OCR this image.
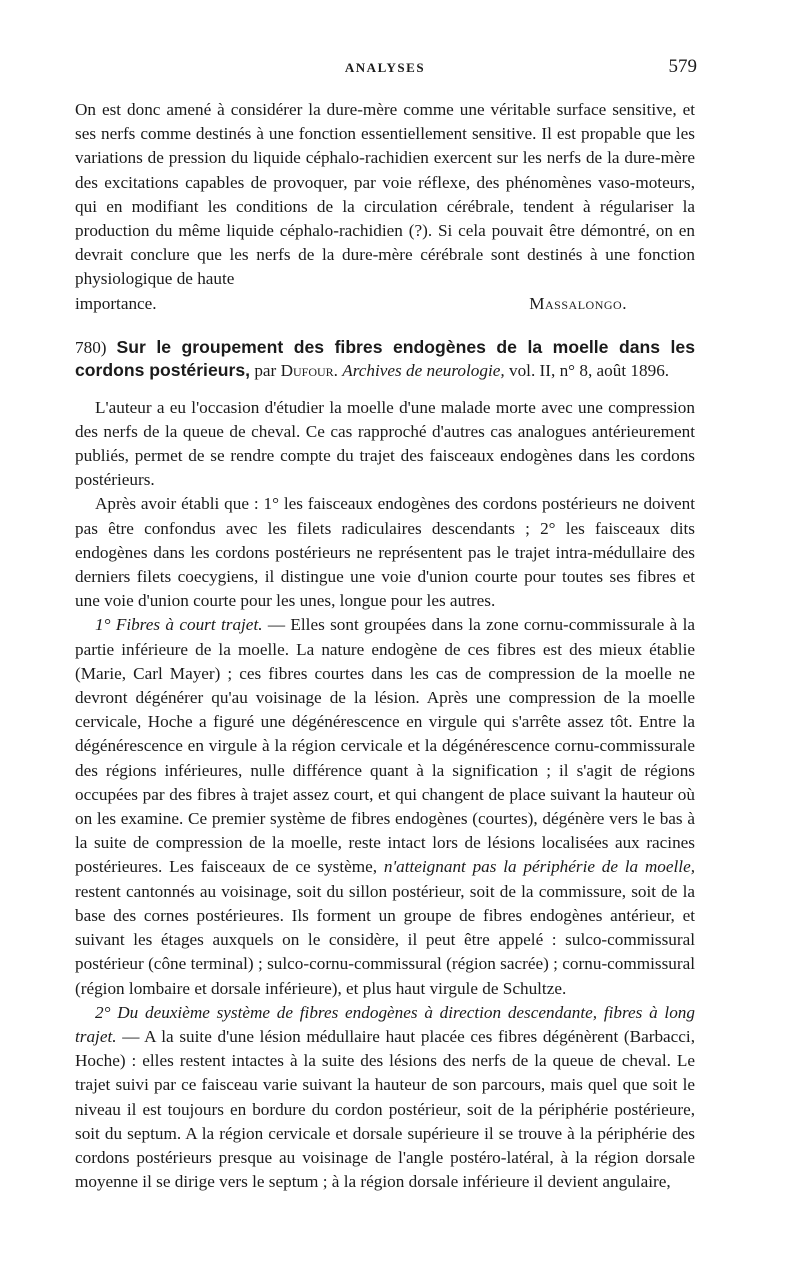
ANALYSES	579

On est donc amené à considérer la dure-mère comme une véritable surface sensitive, et ses nerfs comme destinés à une fonction essentiellement sensitive. Il est propable que les variations de pression du liquide céphalo-rachidien exercent sur les nerfs de la dure-mère des excitations capables de provoquer, par voie réflexe, des phénomènes vaso-moteurs, qui en modifiant les conditions de la circulation cérébrale, tendent à régulariser la production du même liquide céphalo-rachidien (?). Si cela pouvait être démontré, on en devrait conclure que les nerfs de la dure-mère cérébrale sont destinés à une fonction physiologique de haute

importance.	Massalongo.
780) Sur le groupement des fibres endogènes de la moelle dans les cordons postérieurs, par Dufour. Archives de neurologie, vol. II, n° 8, août 1896.

L'auteur a eu l'occasion d'étudier la moelle d'une malade morte avec une compression des nerfs de la queue de cheval. Ce cas rapproché d'autres cas analogues antérieurement publiés, permet de se rendre compte du trajet des faisceaux endogènes dans les cordons postérieurs.

Après avoir établi que : 1° les faisceaux endogènes des cordons postérieurs ne doivent pas être confondus avec les filets radiculaires descendants ; 2° les faisceaux dits endogènes dans les cordons postérieurs ne représentent pas le trajet intra-médullaire des derniers filets coecygiens, il distingue une voie d'union courte pour toutes ses fibres et une voie d'union courte pour les unes, longue pour les autres.

1° Fibres à court trajet. — Elles sont groupées dans la zone cornu-commissurale à la partie inférieure de la moelle. La nature endogène de ces fibres est des mieux établie (Marie, Carl Mayer) ; ces fibres courtes dans les cas de compression de la moelle ne devront dégénérer qu'au voisinage de la lésion. Après une compression de la moelle cervicale, Hoche a figuré une dégénérescence en virgule qui s'arrête assez tôt. Entre la dégénérescence en virgule à la région cervicale et la dégénérescence cornu-commissurale des régions inférieures, nulle différence quant à la signification ; il s'agit de régions occupées par des fibres à trajet assez court, et qui changent de place suivant la hauteur où on les examine. Ce premier système de fibres endogènes (courtes), dégénère vers le bas à la suite de compression de la moelle, reste intact lors de lésions localisées aux racines postérieures. Les faisceaux de ce système, n'atteignant pas la périphérie de la moelle, restent cantonnés au voisinage, soit du sillon postérieur, soit de la commissure, soit de la base des cornes postérieures. Ils forment un groupe de fibres endogènes antérieur, et suivant les étages auxquels on le considère, il peut être appelé : sulco-commissural postérieur (cône terminal) ; sulco-cornu-commissural (région sacrée) ; cornu-commissural (région lombaire et dorsale inférieure), et plus haut virgule de Schultze.

2° Du deuxième système de fibres endogènes à direction descendante, fibres à long trajet. — A la suite d'une lésion médullaire haut placée ces fibres dégénèrent (Barbacci, Hoche) : elles restent intactes à la suite des lésions des nerfs de la queue de cheval. Le trajet suivi par ce faisceau varie suivant la hauteur de son parcours, mais quel que soit le niveau il est toujours en bordure du cordon postérieur, soit de la périphérie postérieure, soit du septum. A la région cervicale et dorsale supérieure il se trouve à la périphérie des cordons postérieurs presque au voisinage de l'angle postéro-latéral, à la région dorsale moyenne il se dirige vers le septum ; à la région dorsale inférieure il devient angulaire,
